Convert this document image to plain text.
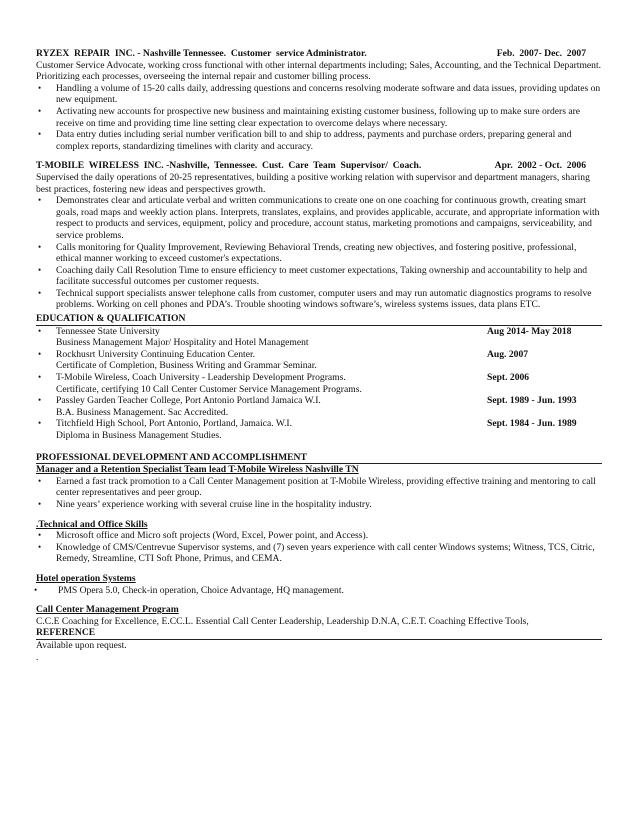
RYZEX  REPAIR  INC. - Nashville Tennessee.  Customer  service Administrator.	Feb.  2007- Dec.  2007

Customer Service Advocate, working cross functional with other internal departments including; Sales, Accounting, and the Technical Department. Prioritizing each processes, overseeing the internal repair and customer billing process.

• Handling a volume of 15-20 calls daily, addressing questions and concerns resolving moderate software and data issues, providing updates on new equipment.
• Activating new accounts for prospective new business and maintaining existing customer business, following up to make sure orders are receive on time and providing time line setting clear expectation to overcome delays where necessary.
• Data entry duties including serial number verification bill to and ship to address, payments and purchase orders, preparing general and complex reports, standardizing timelines with clarity and accuracy.
T-MOBILE  WIRELESS  INC. -Nashville,  Tennessee.  Cust.  Care  Team  Supervisor/  Coach.	Apr.  2002 - Oct.  2006

Supervised the daily operations of 20-25 representatives, building a positive working relation with supervisor and department managers, sharing best practices, fostering new ideas and perspectives growth.

• Demonstrates clear and articulate verbal and written communications to create one on one coaching for continuous growth, creating smart goals, road maps and weekly action plans. Interprets, translates, explains, and provides applicable, accurate, and appropriate information with respect to products and services, equipment, policy and procedure, account status, marketing promotions and campaigns, serviceability, and service problems.
• Calls monitoring for Quality Improvement, Reviewing Behavioral Trends, creating new objectives, and fostering positive, professional, ethical manner working to exceed customer's expectations.
• Coaching daily Call Resolution Time to ensure efficiency to meet customer expectations, Taking ownership and accountability to help and facilitate successful outcomes per customer requests.
• Technical support specialists answer telephone calls from customer, computer users and may run automatic diagnostics programs to resolve problems. Working on cell phones and PDA’s. Trouble shooting windows software’s, wireless systems issues, data plans ETC.
EDUCATION & QUALIFICATION
• Tennessee State University	Aug 2014- May 2018
Business Management Major/ Hospitality and Hotel Management
• Rockhusrt University Continuing Education Center.	Aug. 2007
Certificate of Completion, Business Writing and Grammar Seminar.
• T-Mobile Wireless, Coach University - Leadership Development Programs.	Sept. 2006
Certificate, certifying 10 Call Center Customer Service Management Programs.
• Passley Garden Teacher College, Port Antonio Portland Jamaica W.I.	Sept. 1989 - Jun. 1993
B.A. Business Management. Sac Accredited.
• Titchfield High School, Port Antonio, Portland, Jamaica. W.I.	Sept. 1984 - Jun. 1989
Diploma in Business Management Studies.
PROFESSIONAL DEVELOPMENT AND ACCOMPLISHMENT
Manager and a Retention Specialist Team lead T-Mobile Wireless Nashville TN
• Earned a fast track promotion to a Call Center Management position at T-Mobile Wireless, providing effective training and mentoring to call center representatives and peer group.
• Nine years’ experience working with several cruise line in the hospitality industry.
.Technical and Office Skills
• Microsoft office and Micro soft projects (Word, Excel, Power point, and Access).
• Knowledge of CMS/Centrevue Supervisor systems, and (7) seven years experience with call center Windows systems; Witness, TCS, Citric, Remedy, Streamline, CTI Soft Phone, Primus, and CEMA.
Hotel operation Systems
• PMS Opera 5.0, Check-in operation, Choice Advantage, HQ management.
Call Center Management Program

C.C.E Coaching for Excellence, E.CC.L. Essential Call Center Leadership, Leadership D.N.A, C.E.T. Coaching Effective Tools,

REFERENCE

Available upon request.

.
